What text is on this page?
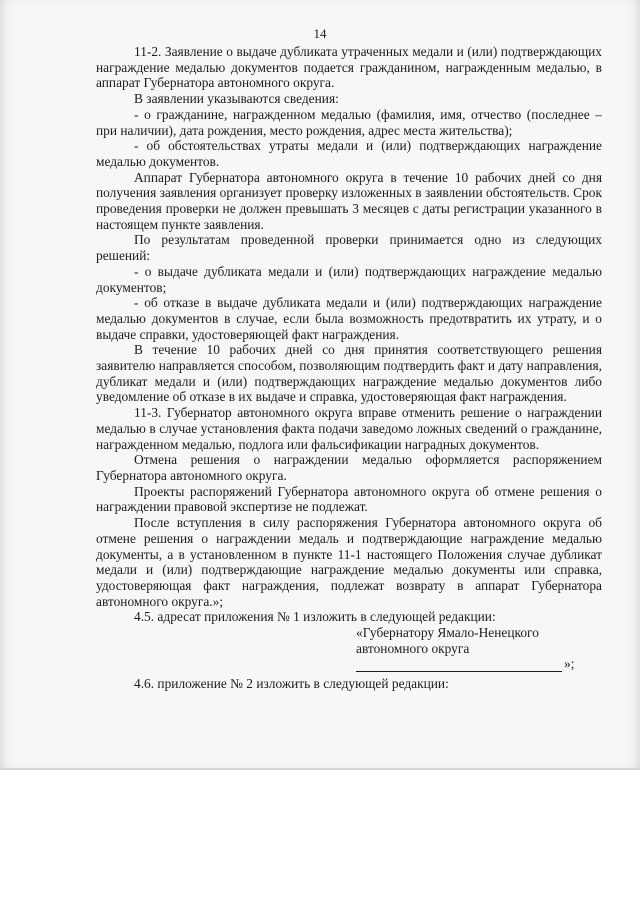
14

11-2. Заявление о выдаче дубликата утраченных медали и (или) подтверждающих награждение медалью документов подается гражданином, награжденным медалью, в аппарат Губернатора автономного округа.

В заявлении указываются сведения:

- о гражданине, награжденном медалью (фамилия, имя, отчество (последнее – при наличии), дата рождения, место рождения, адрес места жительства);

- об обстоятельствах утраты медали и (или) подтверждающих награждение медалью документов.

Аппарат Губернатора автономного округа в течение 10 рабочих дней со дня получения заявления организует проверку изложенных в заявлении обстоятельств. Срок проведения проверки не должен превышать 3 месяцев с даты регистрации указанного в настоящем пункте заявления.

По результатам проведенной проверки принимается одно из следующих решений:

- о выдаче дубликата медали и (или) подтверждающих награждение медалью документов;

- об отказе в выдаче дубликата медали и (или) подтверждающих награждение медалью документов в случае, если была возможность предотвратить их утрату, и о выдаче справки, удостоверяющей факт награждения.

В течение 10 рабочих дней со дня принятия соответствующего решения заявителю направляется способом, позволяющим подтвердить факт и дату направления, дубликат медали и (или) подтверждающих награждение медалью документов либо уведомление об отказе в их выдаче и справка, удостоверяющая факт награждения.

11-3. Губернатор автономного округа вправе отменить решение о награждении медалью в случае установления факта подачи заведомо ложных сведений о гражданине, награжденном медалью, подлога или фальсификации наградных документов.

Отмена решения о награждении медалью оформляется распоряжением Губернатора автономного округа.

Проекты распоряжений Губернатора автономного округа об отмене решения о награждении правовой экспертизе не подлежат.

После вступления в силу распоряжения Губернатора автономного округа об отмене решения о награждении медаль и подтверждающие награждение медалью документы, а в установленном в пункте 11-1 настоящего Положения случае дубликат медали и (или) подтверждающие награждение медалью документы или справка, удостоверяющая факт награждения, подлежат возврату в аппарат Губернатора автономного округа.»;

4.5. адресат приложения № 1 изложить в следующей редакции:

«Губернатору Ямало-Ненецкого

автономного округа

»;

4.6. приложение № 2 изложить в следующей редакции:
